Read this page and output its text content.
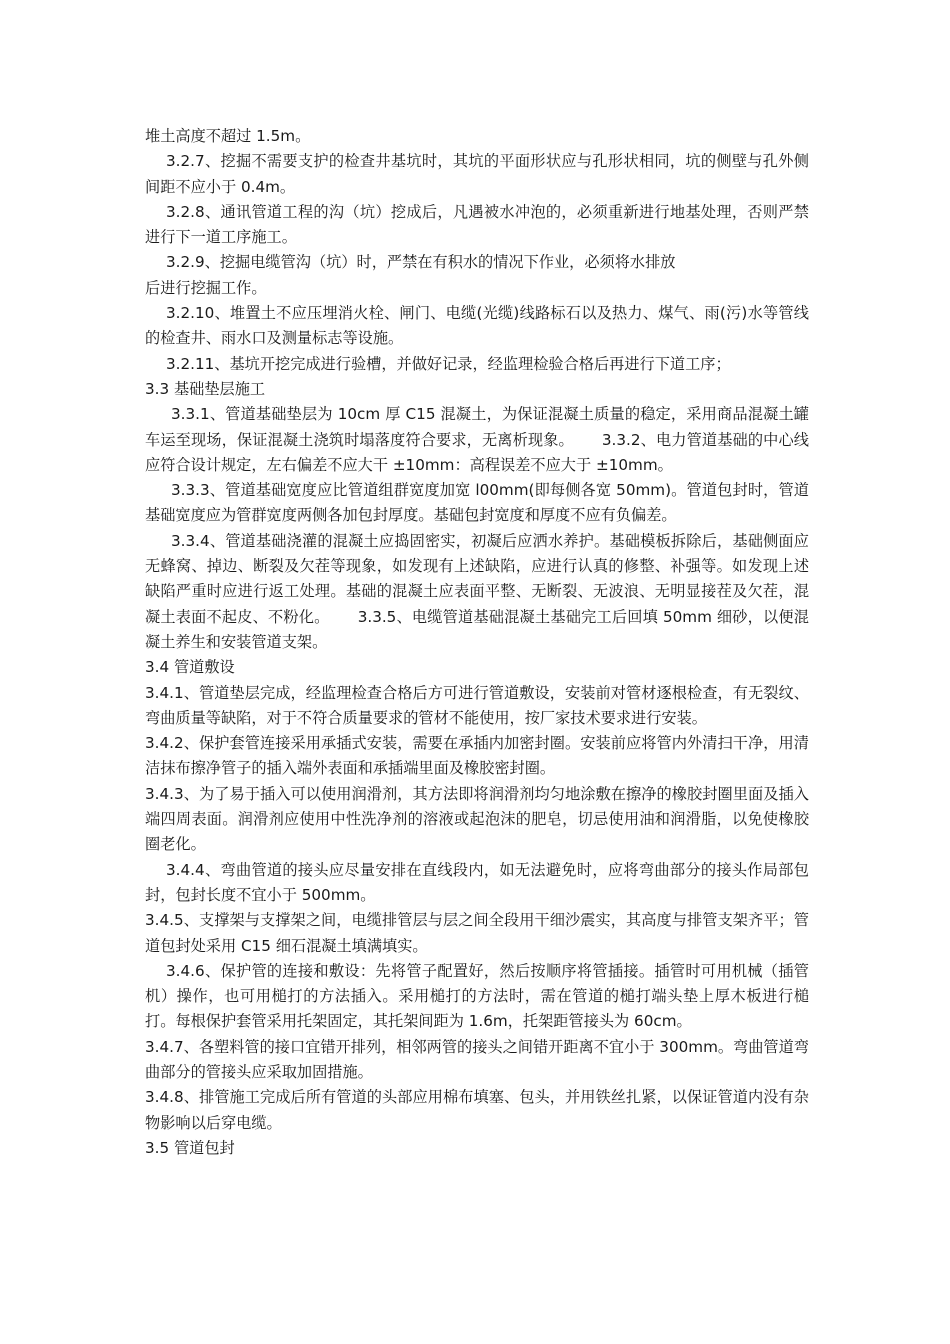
堆土高度不超过 1.5m。

3.2.7、挖掘不需要支护的检查井基坑时，其坑的平面形状应与孔形状相同，坑的侧壁与孔外侧间距不应小于 0.4m。

3.2.8、通讯管道工程的沟（坑）挖成后，凡遇被水冲泡的，必须重新进行地基处理，否则严禁进行下一道工序施工。

3.2.9、挖掘电缆管沟（坑）时，严禁在有积水的情况下作业，必须将水排放

后进行挖掘工作。

3.2.10、堆置土不应压埋消火栓、闸门、电缆(光缆)线路标石以及热力、煤气、雨(污)水等管线的检查井、雨水口及测量标志等设施。

3.2.11、基坑开挖完成进行验槽，并做好记录，经监理检验合格后再进行下道工序；

3.3 基础垫层施工

3.3.1、管道基础垫层为 10cm 厚 C15 混凝土，为保证混凝土质量的稳定，采用商品混凝土罐车运至现场，保证混凝土浇筑时塌落度符合要求，无离析现象。　　 3.3.2、电力管道基础的中心线应符合设计规定，左右偏差不应大干 ±10mm：高程误差不应大于 ±10mm。

3.3.3、管道基础宽度应比管道组群宽度加宽 l00mm(即每侧各宽 50mm)。管道包封时，管道基础宽度应为管群宽度两侧各加包封厚度。基础包封宽度和厚度不应有负偏差。

3.3.4、管道基础浇灌的混凝土应捣固密实，初凝后应洒水养护。基础模板拆除后，基础侧面应无蜂窝、掉边、断裂及欠茬等现象，如发现有上述缺陷，应进行认真的修整、补强等。如发现上述缺陷严重时应进行返工处理。基础的混凝土应表面平整、无断裂、无波浪、无明显接茬及欠茬，混凝土表面不起皮、不粉化。　　 3.3.5、电缆管道基础混凝土基础完工后回填 50mm 细砂，以便混凝土养生和安装管道支架。

3.4 管道敷设

3.4.1、管道垫层完成，经监理检查合格后方可进行管道敷设，安装前对管材逐根检查，有无裂纹、弯曲质量等缺陷，对于不符合质量要求的管材不能使用，按厂家技术要求进行安装。

3.4.2、保护套管连接采用承插式安装，需要在承插内加密封圈。安装前应将管内外清扫干净，用清洁抹布擦净管子的插入端外表面和承插端里面及橡胶密封圈。

3.4.3、为了易于插入可以使用润滑剂，其方法即将润滑剂均匀地涂敷在擦净的橡胶封圈里面及插入端四周表面。润滑剂应使用中性洗净剂的溶液或起泡沫的肥皂，切忌使用油和润滑脂，以免使橡胶圈老化。

3.4.4、弯曲管道的接头应尽量安排在直线段内，如无法避免时，应将弯曲部分的接头作局部包封，包封长度不宜小于 500mm。

3.4.5、支撑架与支撑架之间，电缆排管层与层之间全段用干细沙震实，其高度与排管支架齐平；管道包封处采用 C15 细石混凝土填满填实。

3.4.6、保护管的连接和敷设：先将管子配置好，然后按顺序将管插接。插管时可用机械（插管机）操作，也可用槌打的方法插入。采用槌打的方法时，需在管道的槌打端头垫上厚木板进行槌打。每根保护套管采用托架固定，其托架间距为 1.6m，托架距管接头为 60cm。

3.4.7、各塑料管的接口宜错开排列，相邻两管的接头之间错开距离不宜小于 300mm。弯曲管道弯曲部分的管接头应采取加固措施。

3.4.8、排管施工完成后所有管道的头部应用棉布填塞、包头，并用铁丝扎紧，以保证管道内没有杂物影响以后穿电缆。

3.5 管道包封
